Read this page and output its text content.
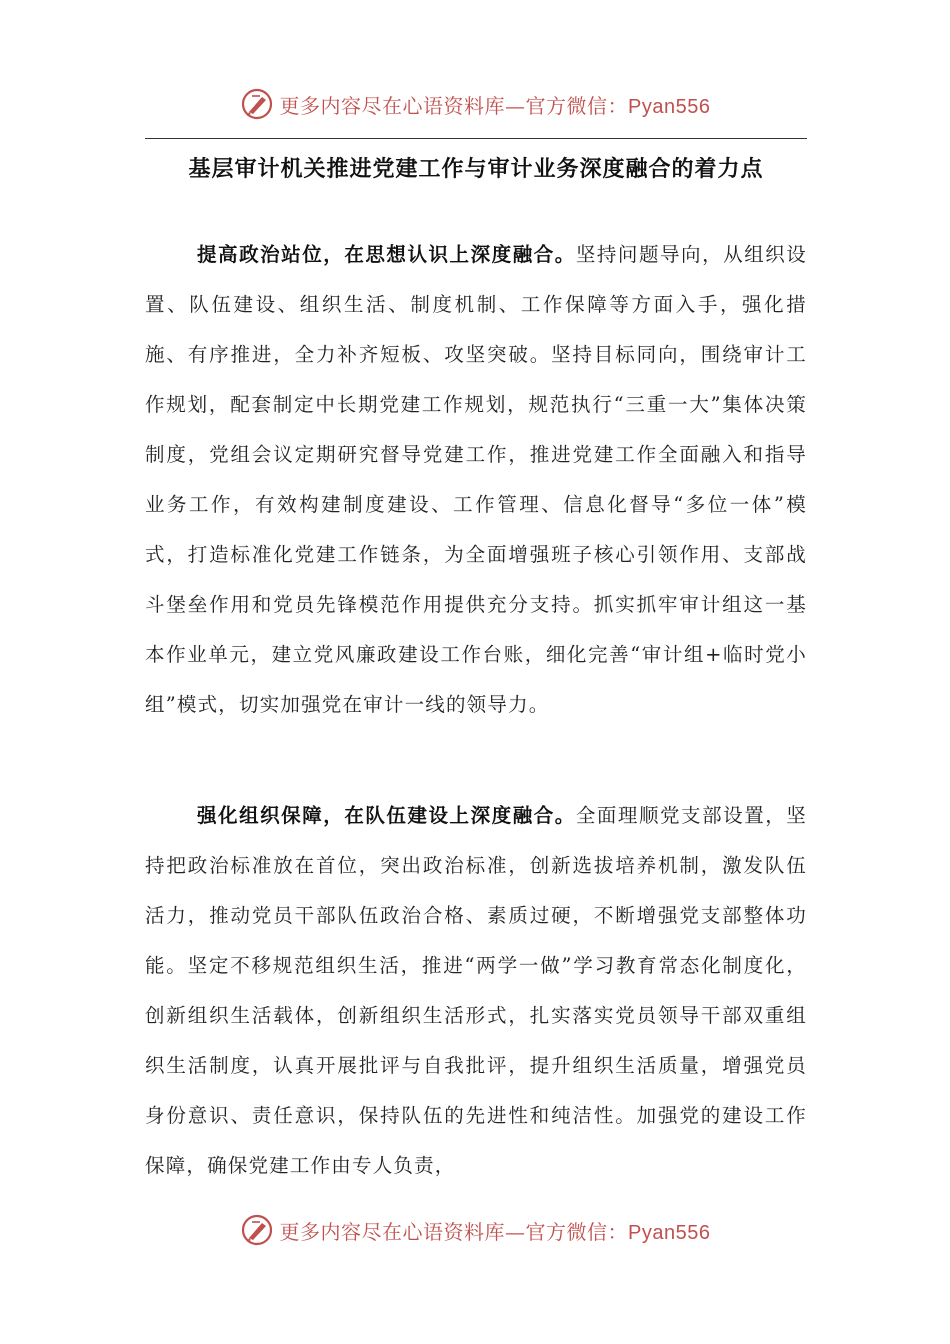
更多内容尽在心语资料库—官方微信：Pyan556
基层审计机关推进党建工作与审计业务深度融合的着力点

提高政治站位，在思想认识上深度融合。坚持问题导向，从组织设置、队伍建设、组织生活、制度机制、工作保障等方面入手，强化措施、有序推进，全力补齐短板、攻坚突破。坚持目标同向，围绕审计工作规划，配套制定中长期党建工作规划，规范执行“三重一大”集体决策制度，党组会议定期研究督导党建工作，推进党建工作全面融入和指导业务工作，有效构建制度建设、工作管理、信息化督导“多位一体”模式，打造标准化党建工作链条，为全面增强班子核心引领作用、支部战斗堡垒作用和党员先锋模范作用提供充分支持。抓实抓牢审计组这一基本作业单元，建立党风廉政建设工作台账，细化完善“审计组+临时党小组”模式，切实加强党在审计一线的领导力。

强化组织保障，在队伍建设上深度融合。全面理顺党支部设置，坚持把政治标准放在首位，突出政治标准，创新选拔培养机制，激发队伍活力，推动党员干部队伍政治合格、素质过硬，不断增强党支部整体功能。坚定不移规范组织生活，推进“两学一做”学习教育常态化制度化，创新组织生活载体，创新组织生活形式，扎实落实党员领导干部双重组织生活制度，认真开展批评与自我批评，提升组织生活质量，增强党员身份意识、责任意识，保持队伍的先进性和纯洁性。加强党的建设工作保障，确保党建工作由专人负责，

更多内容尽在心语资料库—官方微信：Pyan556
